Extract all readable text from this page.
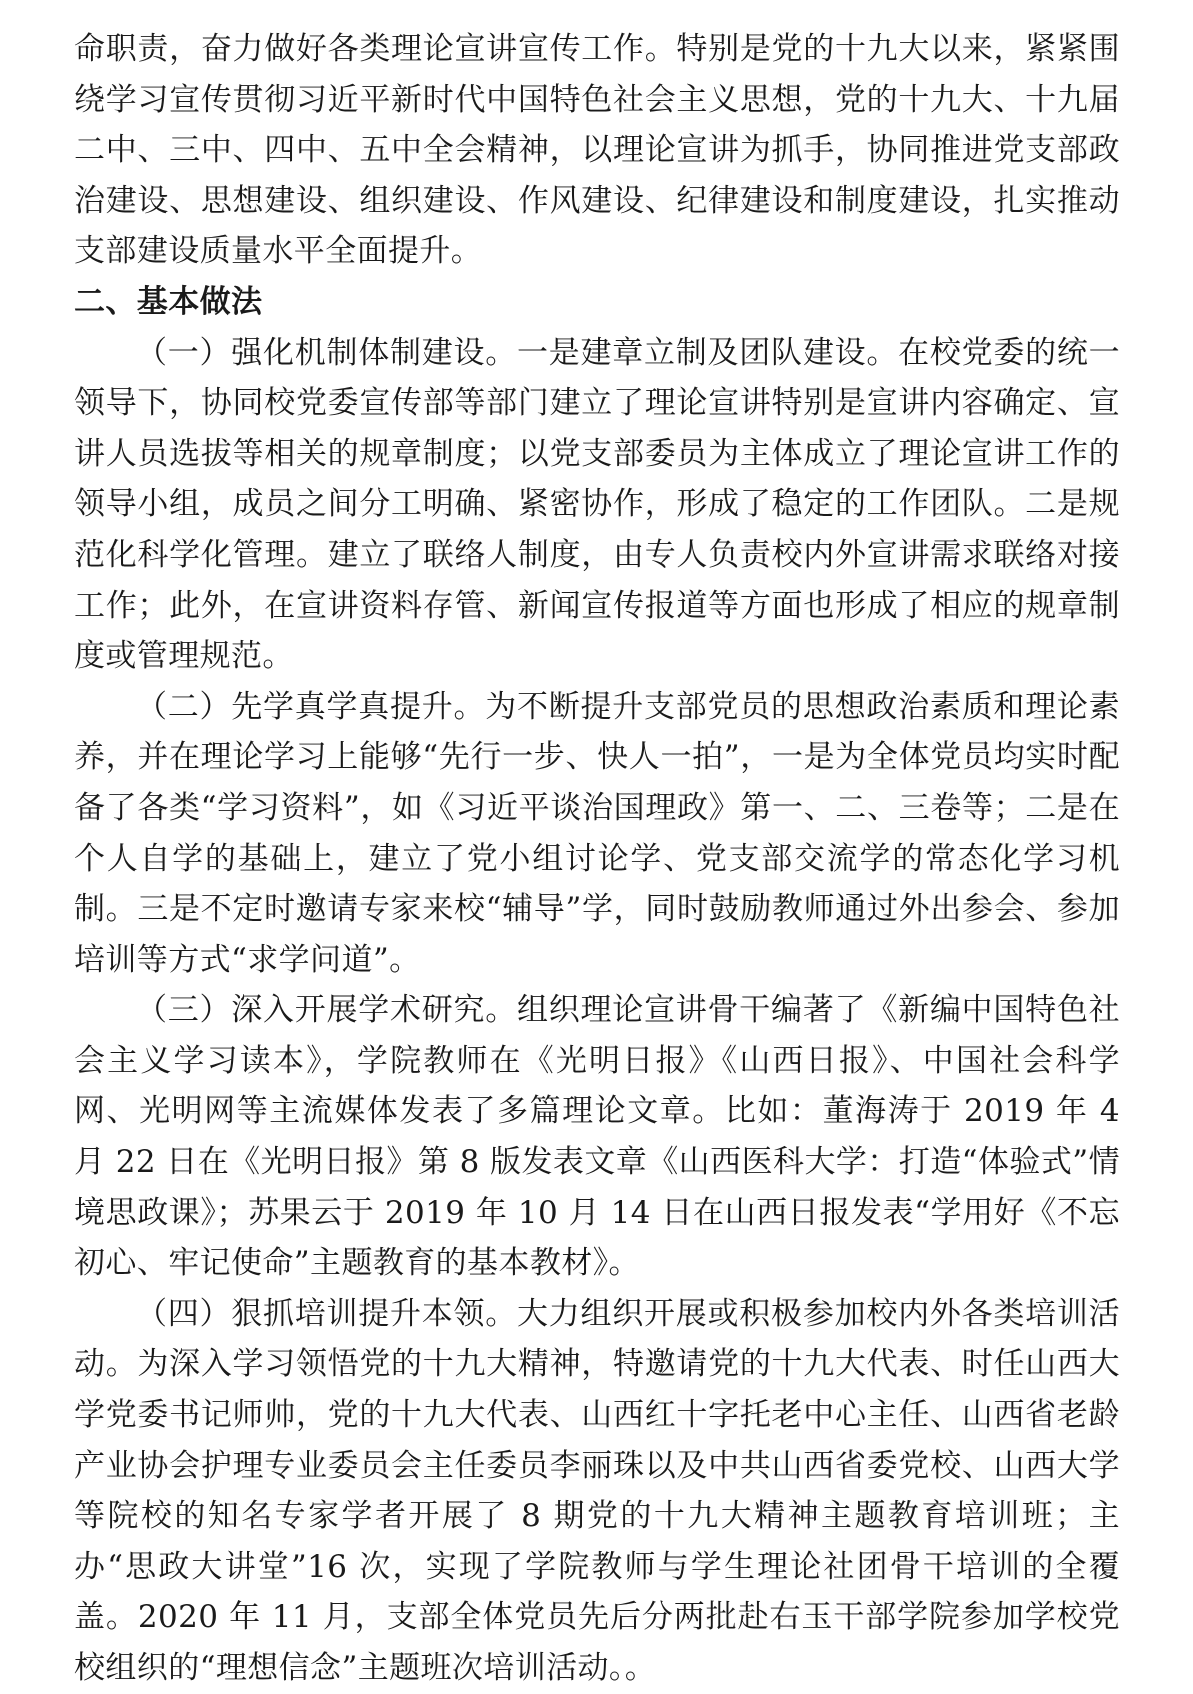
命职责，奋力做好各类理论宣讲宣传工作。特别是党的十九大以来，紧紧围绕学习宣传贯彻习近平新时代中国特色社会主义思想，党的十九大、十九届二中、三中、四中、五中全会精神，以理论宣讲为抓手，协同推进党支部政治建设、思想建设、组织建设、作风建设、纪律建设和制度建设，扎实推动支部建设质量水平全面提升。

二、基本做法

（一）强化机制体制建设。一是建章立制及团队建设。在校党委的统一领导下，协同校党委宣传部等部门建立了理论宣讲特别是宣讲内容确定、宣讲人员选拔等相关的规章制度；以党支部委员为主体成立了理论宣讲工作的领导小组，成员之间分工明确、紧密协作，形成了稳定的工作团队。二是规范化科学化管理。建立了联络人制度，由专人负责校内外宣讲需求联络对接工作；此外，在宣讲资料存管、新闻宣传报道等方面也形成了相应的规章制度或管理规范。

（二）先学真学真提升。为不断提升支部党员的思想政治素质和理论素养，并在理论学习上能够“先行一步、快人一拍”，一是为全体党员均实时配备了各类“学习资料”，如《习近平谈治国理政》第一、二、三卷等；二是在个人自学的基础上，建立了党小组讨论学、党支部交流学的常态化学习机制。三是不定时邀请专家来校“辅导”学，同时鼓励教师通过外出参会、参加培训等方式“求学问道”。

（三）深入开展学术研究。组织理论宣讲骨干编著了《新编中国特色社会主义学习读本》，学院教师在《光明日报》《山西日报》、中国社会科学网、光明网等主流媒体发表了多篇理论文章。比如：董海涛于 2019 年 4 月 22 日在《光明日报》第 8 版发表文章《山西医科大学：打造“体验式”情境思政课》；苏果云于 2019 年 10 月 14 日在山西日报发表“学用好《不忘初心、牢记使命”主题教育的基本教材》。

（四）狠抓培训提升本领。大力组织开展或积极参加校内外各类培训活动。为深入学习领悟党的十九大精神，特邀请党的十九大代表、时任山西大学党委书记师帅，党的十九大代表、山西红十字托老中心主任、山西省老龄产业协会护理专业委员会主任委员李丽珠以及中共山西省委党校、山西大学等院校的知名专家学者开展了 8 期党的十九大精神主题教育培训班；主办“思政大讲堂”16 次，实现了学院教师与学生理论社团骨干培训的全覆盖。2020 年 11 月，支部全体党员先后分两批赴右玉干部学院参加学校党校组织的“理想信念”主题班次培训活动。。
